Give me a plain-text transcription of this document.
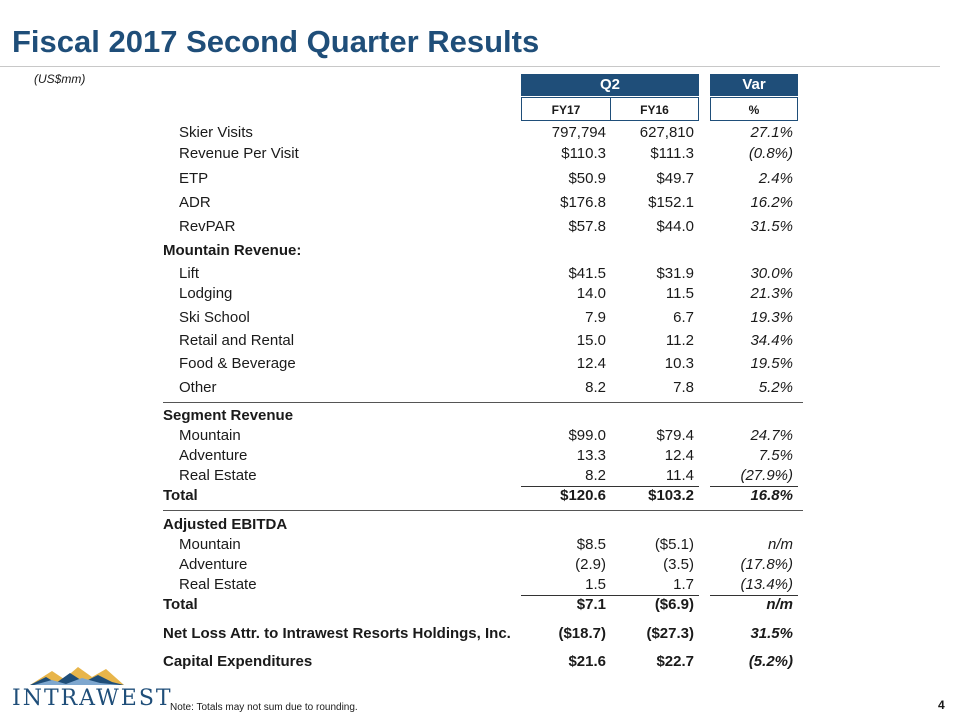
Fiscal 2017 Second Quarter Results
(US$mm)	Q2	Var
FY17	FY16	%
Skier Visits	797,794 627,810	27.1%
Revenue Per Visit	$110.3	$111.3	(0.8%)
ETP	$50.9	$49.7	2.4%
ADR	$176.8	$152.1	16.2%
RevPAR	$57.8	$44.0	31.5%
Mountain Revenue:
Lift	$41.5	$31.9	30.0%
Lodging	14.0	11.5	21.3%
Ski School	7.9	6.7	19.3%
Retail and Rental	15.0	11.2	34.4%
Food & Beverage	12.4	10.3	19.5%
Other	8.2	7.8	5.2%
Segment Revenue
Mountain	$99.0	$79.4	24.7%
Adventure	13.3	12.4	7.5%
Real Estate	8.2	11.4	(27.9%)
Total	$120.6	$103.2	16.8%
Adjusted EBITDA
Mountain	$8.5	($5.1)	n/m
Adventure	(2.9)	(3.5)	(17.8%)
Real Estate	1.5	1.7	(13.4%)
Total	$7.1	($6.9)	n/m
Net Loss Attr. to Intrawest Resorts Holdings, Inc.	($18.7)	($27.3)	31.5%
Capital Expenditures	$21.6	$22.7	(5.2%)
INTRAWEST
Note: Totals may not sum due to rounding.	4
